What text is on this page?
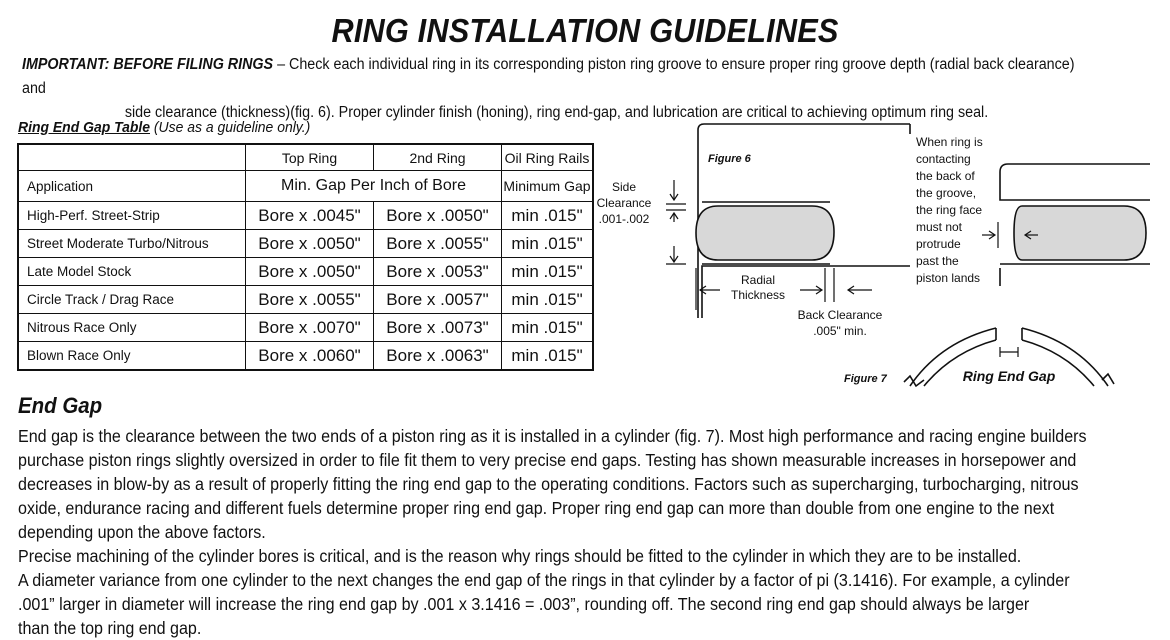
RING INSTALLATION GUIDELINES
IMPORTANT: BEFORE FILING RINGS – Check each individual ring in its corresponding piston ring groove to ensure proper ring groove depth (radial back clearance) and
side clearance (thickness)(fig. 6). Proper cylinder finish (honing), ring end-gap, and lubrication are critical to achieving optimum ring seal.
Ring End Gap Table (Use as a guideline only.)
	Top Ring	2nd Ring	Oil Ring Rails
Application	Min. Gap Per Inch of Bore		Minimum Gap
High-Perf. Street-Strip	Bore x .0045"	Bore x .0050"	min .015"
Street Moderate Turbo/Nitrous	Bore x .0050"	Bore x .0055"	min .015"
Late Model Stock	Bore x .0050"	Bore x .0053"	min .015"
Circle Track / Drag Race	Bore x .0055"	Bore x .0057"	min .015"
Nitrous Race Only	Bore x .0070"	Bore x .0073"	min .015"
Blown Race Only	Bore x .0060"	Bore x .0063"	min .015"
Figure 6
Side
Clearance
.001-.002
Radial
Thickness
Back Clearance
.005" min.
When ring is
contacting
the back of
the groove,
the ring face
must not
protrude
past the
piston lands
Figure 7	Ring End Gap
End Gap

End gap is the clearance between the two ends of a piston ring as it is installed in a cylinder (fig. 7). Most high performance and racing engine builders

purchase piston rings slightly oversized in order to file fit them to very precise end gaps. Testing has shown measurable increases in horsepower and

decreases in blow-by as a result of properly fitting the ring end gap to the operating conditions. Factors such as supercharging, turbocharging, nitrous

oxide, endurance racing and different fuels determine proper ring end gap. Proper ring end gap can more than double from one engine to the next

depending upon the above factors.

Precise machining of the cylinder bores is critical, and is the reason why rings should be fitted to the cylinder in which they are to be installed.

A diameter variance from one cylinder to the next changes the end gap of the rings in that cylinder by a factor of pi (3.1416). For example, a cylinder

.001” larger in diameter will increase the ring end gap by .001 x 3.1416 = .003”, rounding off. The second ring end gap should always be larger

than the top ring end gap.
